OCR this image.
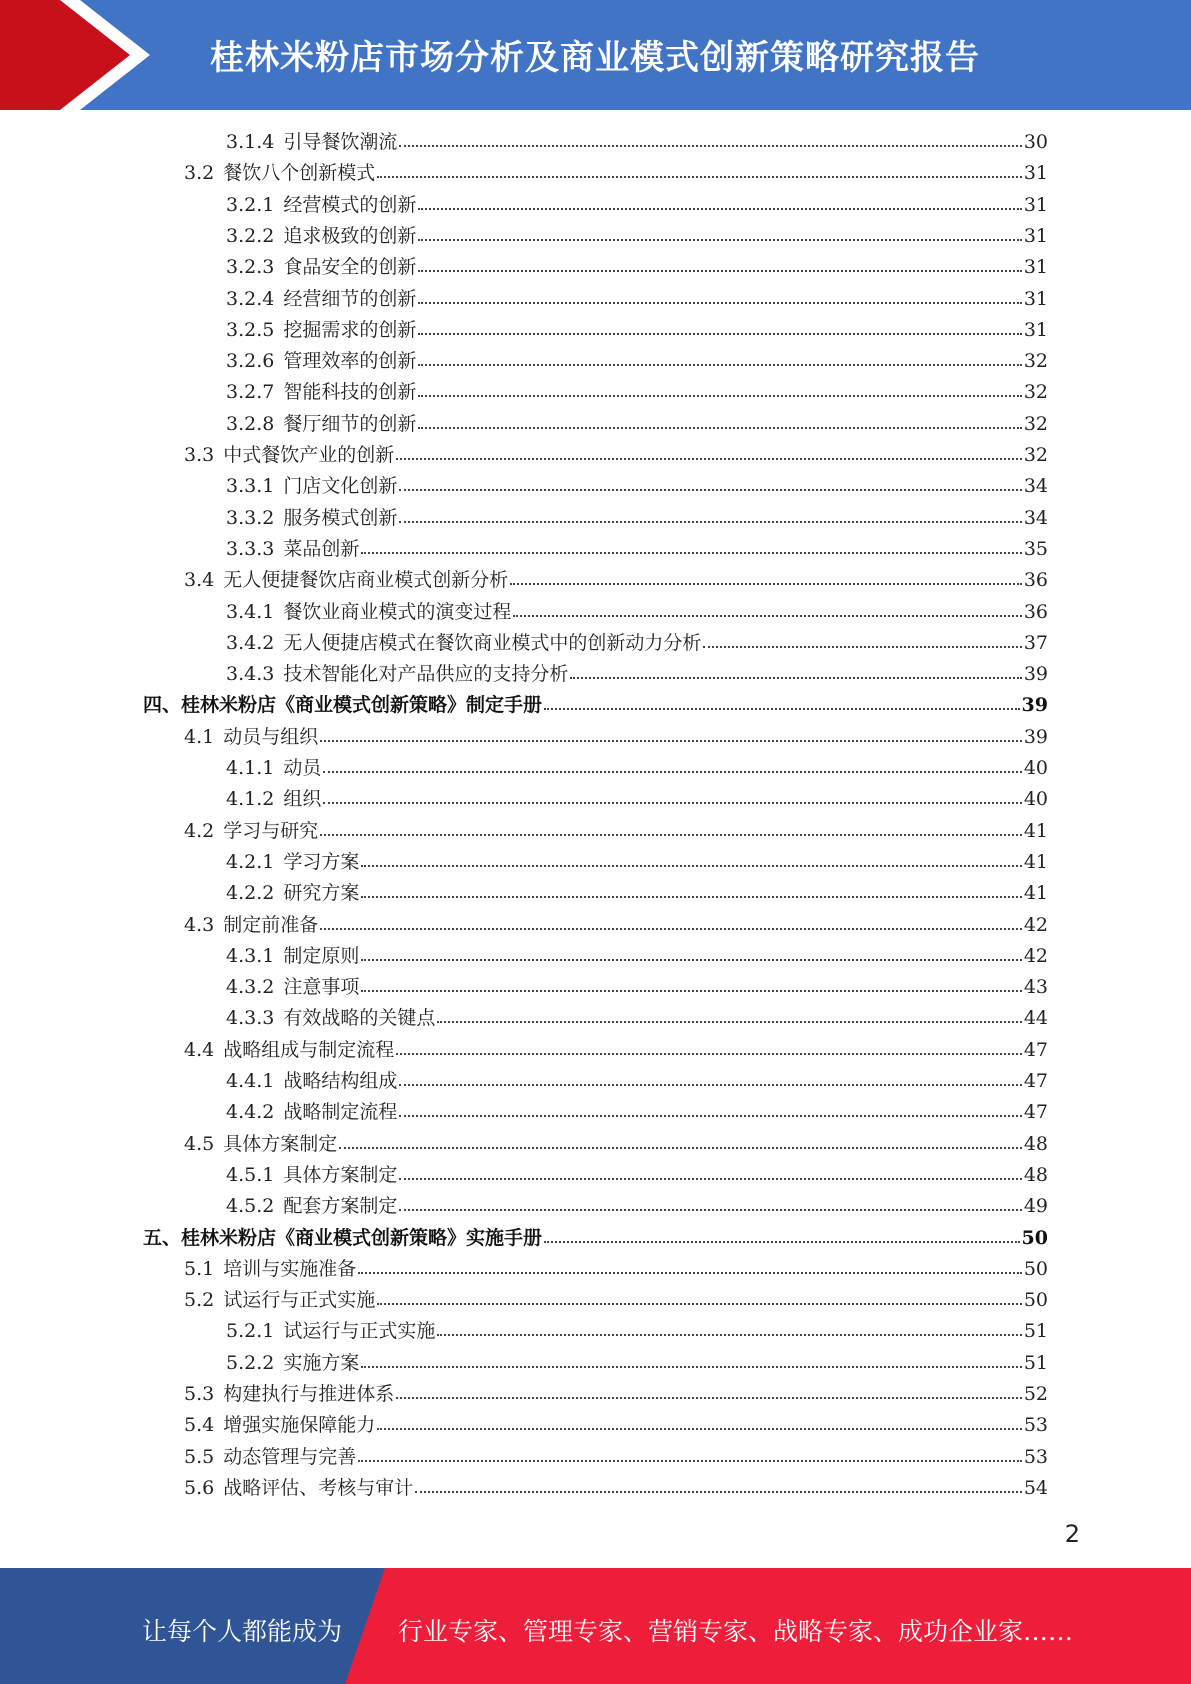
桂林米粉店市场分析及商业模式创新策略研究报告
3.1.4 引导餐饮潮流	30
3.2 餐饮八个创新模式	31
3.2.1 经营模式的创新	31
3.2.2 追求极致的创新	31
3.2.3 食品安全的创新	31
3.2.4 经营细节的创新	31
3.2.5 挖掘需求的创新	31
3.2.6 管理效率的创新	32
3.2.7 智能科技的创新	32
3.2.8 餐厅细节的创新	32
3.3 中式餐饮产业的创新	32
3.3.1 门店文化创新	34
3.3.2 服务模式创新	34
3.3.3 菜品创新	35
3.4 无人便捷餐饮店商业模式创新分析	36
3.4.1 餐饮业商业模式的演变过程	36
3.4.2 无人便捷店模式在餐饮商业模式中的创新动力分析	37
3.4.3 技术智能化对产品供应的支持分析	39
四、桂林米粉店《商业模式创新策略》制定手册	39
4.1 动员与组织	39
4.1.1 动员	40
4.1.2 组织	40
4.2 学习与研究	41
4.2.1 学习方案	41
4.2.2 研究方案	41
4.3 制定前准备	42
4.3.1 制定原则	42
4.3.2 注意事项	43
4.3.3 有效战略的关键点	44
4.4 战略组成与制定流程	47
4.4.1 战略结构组成	47
4.4.2 战略制定流程	47
4.5 具体方案制定	48
4.5.1 具体方案制定	48
4.5.2 配套方案制定	49
五、桂林米粉店《商业模式创新策略》实施手册	50
5.1 培训与实施准备	50
5.2 试运行与正式实施	50
5.2.1 试运行与正式实施	51
5.2.2 实施方案	51
5.3 构建执行与推进体系	52
5.4 增强实施保障能力	53
5.5 动态管理与完善	53
5.6 战略评估、考核与审计	54
2
让每个人都能成为 行业专家、管理专家、营销专家、战略专家、成功企业家……
